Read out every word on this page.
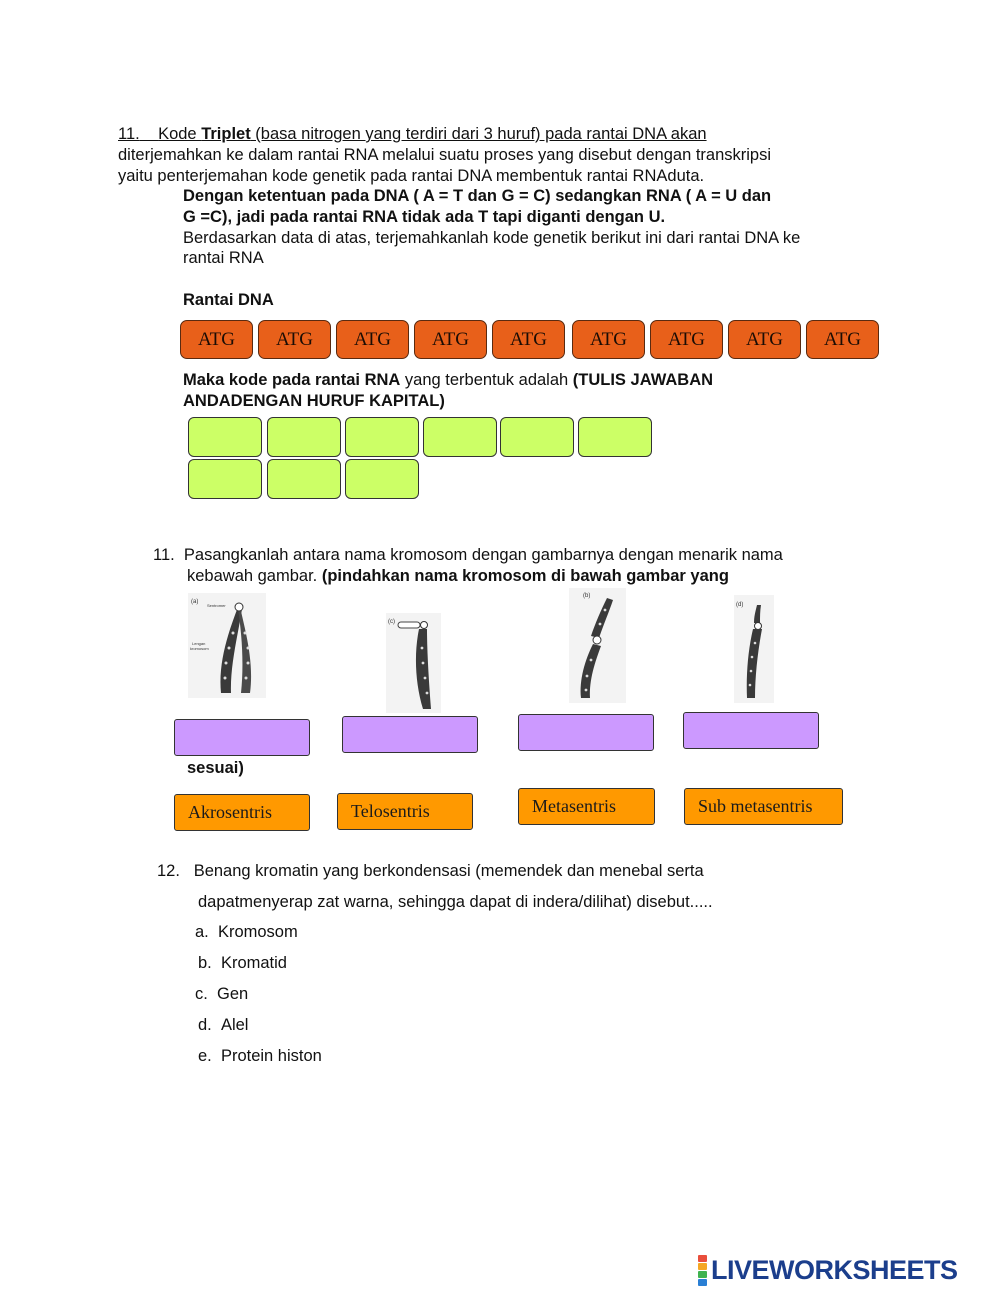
11. Kode Triplet (basa nitrogen yang terdiri dari 3 huruf) pada rantai DNA akan
diterjemahkan ke dalam rantai RNA melalui suatu proses yang disebut dengan transkripsi
yaitu penterjemahan kode genetik pada rantai DNA membentuk rantai RNAduta.
Dengan ketentuan pada DNA ( A = T dan G = C) sedangkan RNA ( A = U dan
G =C), jadi pada rantai RNA tidak ada T tapi diganti dengan U.
Berdasarkan data di atas, terjemahkanlah kode genetik berikut ini dari rantai DNA ke
rantai RNA
Rantai DNA
ATG	ATG	ATG	ATG	ATG	ATG	ATG	ATG	ATG
Maka kode pada rantai RNA yang terbentuk adalah (TULIS JAWABAN
ANDADENGAN HURUF KAPITAL)
11. Pasangkanlah antara nama kromosom dengan gambarnya dengan menarik nama
kebawah gambar. (pindahkan nama kromosom di bawah gambar yang
(a)
Sentromer
Lengan
kromosom
(c)
(b)
(d)
sesuai)
Akrosentris	Telosentris	Metasentris	Sub metasentris
12. Benang kromatin yang berkondensasi (memendek dan menebal serta
dapatmenyerap zat warna, sehingga dapat di indera/dilihat) disebut.....
a. Kromosom
b. Kromatid
c. Gen
d. Alel
e. Protein histon
LIVEWORKSHEETS
